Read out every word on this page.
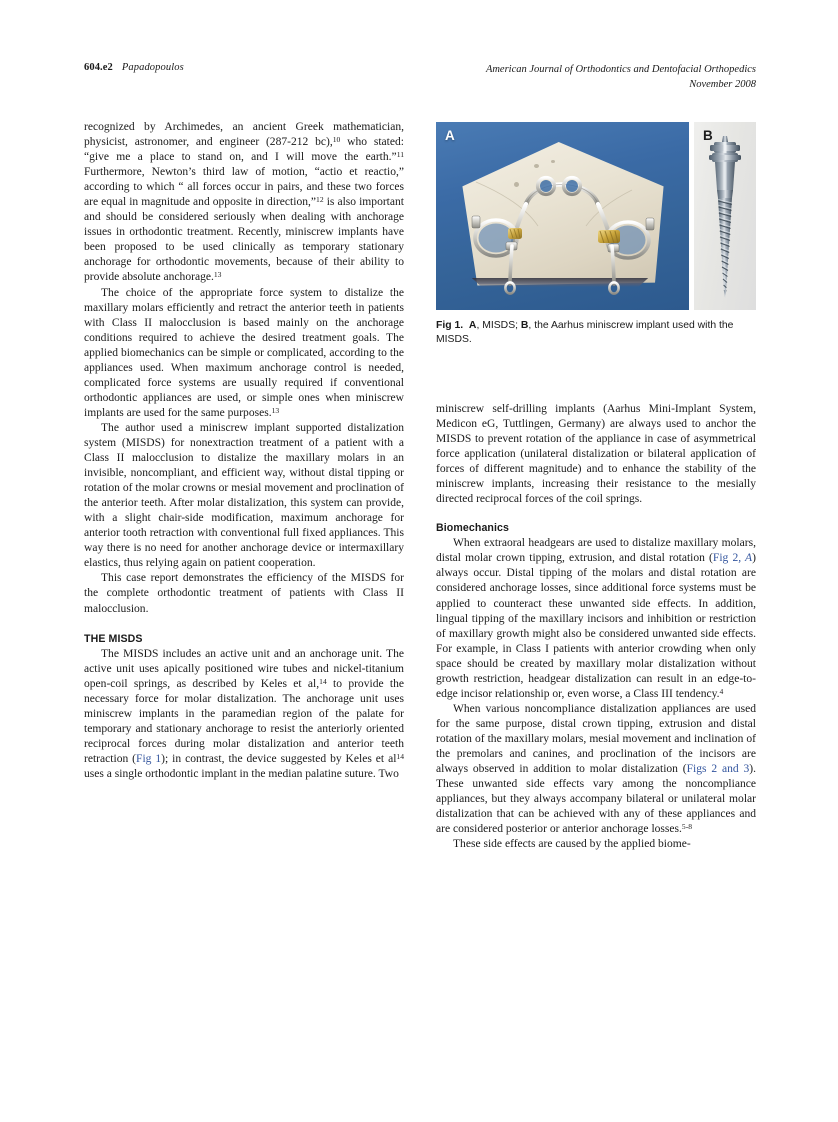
604.e2 Papadopoulos	American Journal of Orthodontics and Dentofacial Orthopedics
November 2008

recognized by Archimedes, an ancient Greek mathematician, physicist, astronomer, and engineer (287-212 bc),$^{10}$ who stated: “give me a place to stand on, and I will move the earth.”$^{11}$ Furthermore, Newton’s third law of motion, “actio et reactio,” according to which “ all forces occur in pairs, and these two forces are equal in magnitude and opposite in direction,”$^{12}$ is also important and should be considered seriously when dealing with anchorage issues in orthodontic treatment. Recently, miniscrew implants have been proposed to be used clinically as temporary stationary anchorage for orthodontic movements, because of their ability to provide absolute anchorage.$^{13}$

The choice of the appropriate force system to distalize the maxillary molars efficiently and retract the anterior teeth in patients with Class II malocclusion is based mainly on the anchorage conditions required to achieve the desired treatment goals. The applied biomechanics can be simple or complicated, according to the appliances used. When maximum anchorage control is needed, complicated force systems are usually required if conventional orthodontic appliances are used, or simple ones when miniscrew implants are used for the same purposes.$^{13}$

The author used a miniscrew implant supported distalization system (MISDS) for nonextraction treatment of a patient with a Class II malocclusion to distalize the maxillary molars in an invisible, noncompliant, and efficient way, without distal tipping or rotation of the molar crowns or mesial movement and proclination of the anterior teeth. After molar distalization, this system can provide, with a slight chair-side modification, maximum anchorage for anterior tooth retraction with conventional full fixed appliances. This way there is no need for another anchorage device or intermaxillary elastics, thus relying again on patient cooperation.

This case report demonstrates the efficiency of the MISDS for the complete orthodontic treatment of patients with Class II malocclusion.

THE MISDS

The MISDS includes an active unit and an anchorage unit. The active unit uses apically positioned wire tubes and nickel-titanium open-coil springs, as described by Keles et al,$^{14}$ to provide the necessary force for molar distalization. The anchorage unit uses miniscrew implants in the paramedian region of the palate for temporary and stationary anchorage to resist the anteriorly oriented reciprocal forces during molar distalization and anterior teeth retraction (Fig 1); in contrast, the device suggested by Keles et $al^{14}$ uses a single orthodontic implant in the median palatine suture. Two

A	B
Fig 1. A, MISDS; B, the Aarhus miniscrew implant used with the MISDS.

miniscrew self-drilling implants (Aarhus Mini-Implant System, Medicon eG, Tuttlingen, Germany) are always used to anchor the MISDS to prevent rotation of the appliance in case of asymmetrical force application (unilateral distalization or bilateral application of forces of different magnitude) and to enhance the stability of the miniscrew implants, increasing their resistance to the mesially directed reciprocal forces of the coil springs.

Biomechanics

When extraoral headgears are used to distalize maxillary molars, distal molar crown tipping, extrusion, and distal rotation (Fig 2, A) always occur. Distal tipping of the molars and distal rotation are considered anchorage losses, since additional force systems must be applied to counteract these unwanted side effects. In addition, lingual tipping of the maxillary incisors and inhibition or restriction of maxillary growth might also be considered unwanted side effects. For example, in Class I patients with anterior crowding when only space should be created by maxillary molar distalization without growth restriction, headgear distalization can result in an edge-to-edge incisor relationship or, even worse, a Class III tendency.$^4$

When various noncompliance distalization appliances are used for the same purpose, distal crown tipping, extrusion and distal rotation of the maxillary molars, mesial movement and inclination of the premolars and canines, and proclination of the incisors are always observed in addition to molar distalization (Figs 2 and 3). These unwanted side effects vary among the noncompliance appliances, but they always accompany bilateral or unilateral molar distalization that can be achieved with any of these appliances and are considered posterior or anterior anchorage losses.$^{5-8}$

These side effects are caused by the applied biome-
